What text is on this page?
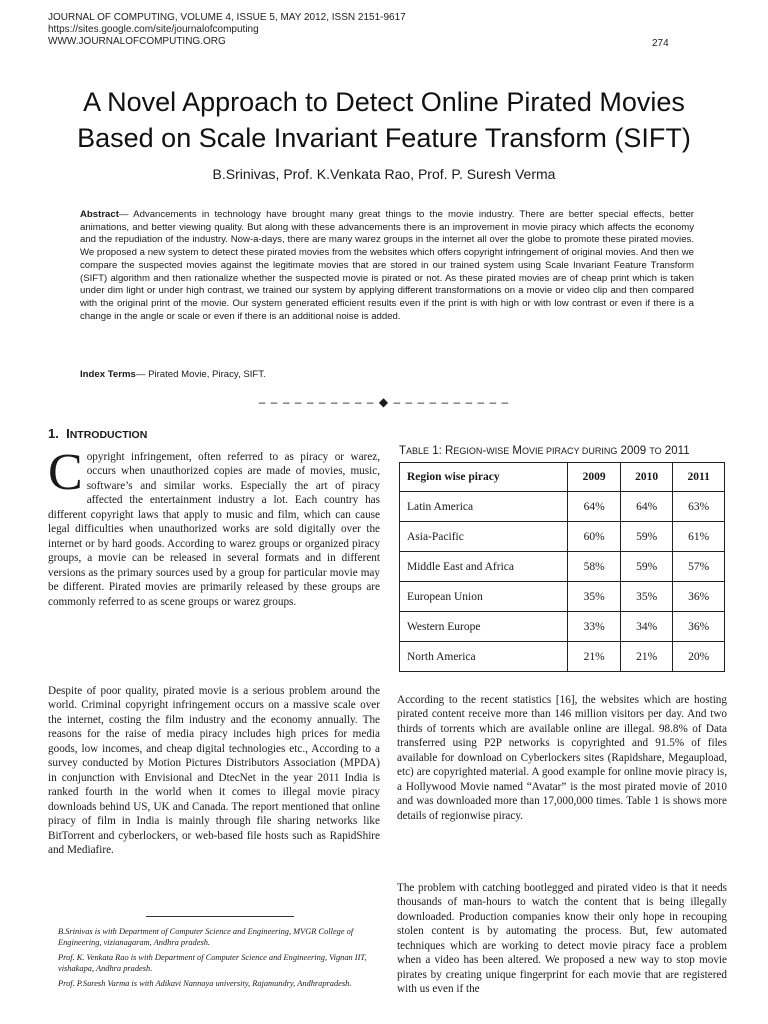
JOURNAL OF COMPUTING, VOLUME 4, ISSUE 5, MAY 2012, ISSN 2151-9617
https://sites.google.com/site/journalofcomputing
WWW.JOURNALOFCOMPUTING.ORG	274
A Novel Approach to Detect Online Pirated Movies
Based on Scale Invariant Feature Transform (SIFT)
B.Srinivas, Prof. K.Venkata Rao, Prof. P. Suresh Verma
Abstract— Advancements in technology have brought many great things to the movie industry. There are better special effects, better animations, and better viewing quality. But along with these advancements there is an improvement in movie piracy which affects the economy and the repudiation of the industry. Now-a-days, there are many warez groups in the internet all over the globe to promote these pirated movies. We proposed a new system to detect these pirated movies from the websites which offers copyright infringement of original movies. And then we compare the suspected movies against the legitimate movies that are stored in our trained system using Scale Invariant Feature Transform (SIFT) algorithm and then rationalize whether the suspected movie is pirated or not. As these pirated movies are of cheap print which is taken under dim light or under high contrast, we trained our system by applying different transformations on a movie or video clip and then compared with the original print of the movie. Our system generated efficient results even if the print is with high or with low contrast or even if there is a change in the angle or scale or even if there is an additional noise is added.
Index Terms— Pirated Movie, Piracy, SIFT.
– – – – – – – – – – ◆ – – – – – – – – – –
1. INTRODUCTION
Copyright infringement, often referred to as piracy or warez, occurs when unauthorized copies are made of movies, music, software’s and similar works. Especially the art of piracy affected the entertainment industry a lot. Each country has different copyright laws that apply to music and film, which can cause legal difficulties when unauthorized works are sold digitally over the internet or by hard goods. According to warez groups or organized piracy groups, a movie can be released in several formats and in different versions as the primary sources used by a group for particular movie may be different. Pirated movies are primarily released by these groups are commonly referred to as scene groups or warez groups.
Despite of poor quality, pirated movie is a serious problem around the world. Criminal copyright infringement occurs on a massive scale over the internet, costing the film industry and the economy annually. The reasons for the raise of media piracy includes high prices for media goods, low incomes, and cheap digital technologies etc., According to a survey conducted by Motion Pictures Distributors Association (MPDA) in conjunction with Envisional and DtecNet in the year 2011 India is ranked fourth in the world when it comes to illegal movie piracy downloads behind US, UK and Canada. The report mentioned that online piracy of film in India is mainly through file sharing networks like BitTorrent and cyberlockers, or web-based file hosts such as RapidShire and Mediafire.
B.Srinivas is with Department of Computer Science and Engineering, MVGR College of Engineering, vizianagaram, Andhra pradesh.
Prof. K. Venkata Rao is with Department of Computer Science and Engineering, Vignan IIT, vishakapa, Andhra pradesh.
Prof. P.Suresh Varma is with Adikavi Nannaya university, Rajamundry, Andhrapradesh.
TABLE 1: REGION-WISE MOVIE PIRACY DURING 2009 TO 2011
Region wise piracy	2009	2010	2011
Latin America	64%	64%	63%
Asia-Pacific	60%	59%	61%
Middle East and Africa	58%	59%	57%
European Union	35%	35%	36%
Western Europe	33%	34%	36%
North America	21%	21%	20%
According to the recent statistics [16], the websites which are hosting pirated content receive more than 146 million visitors per day. And two thirds of torrents which are available online are illegal. 98.8% of Data transferred using P2P networks is copyrighted and 91.5% of files available for download on Cyberlockers sites (Rapidshare, Megaupload, etc) are copyrighted material. A good example for online movie piracy is, a Hollywood Movie named “Avatar” is the most pirated movie of 2010 and was downloaded more than 17,000,000 times. Table 1 is shows more details of regionwise piracy.
The problem with catching bootlegged and pirated video is that it needs thousands of man-hours to watch the content that is being illegally downloaded. Production companies know their only hope in recouping stolen content is by automating the process. But, few automated techniques which are working to detect movie piracy face a problem when a video has been altered. We proposed a new way to stop movie pirates by creating unique fingerprint for each movie that are registered with us even if the
